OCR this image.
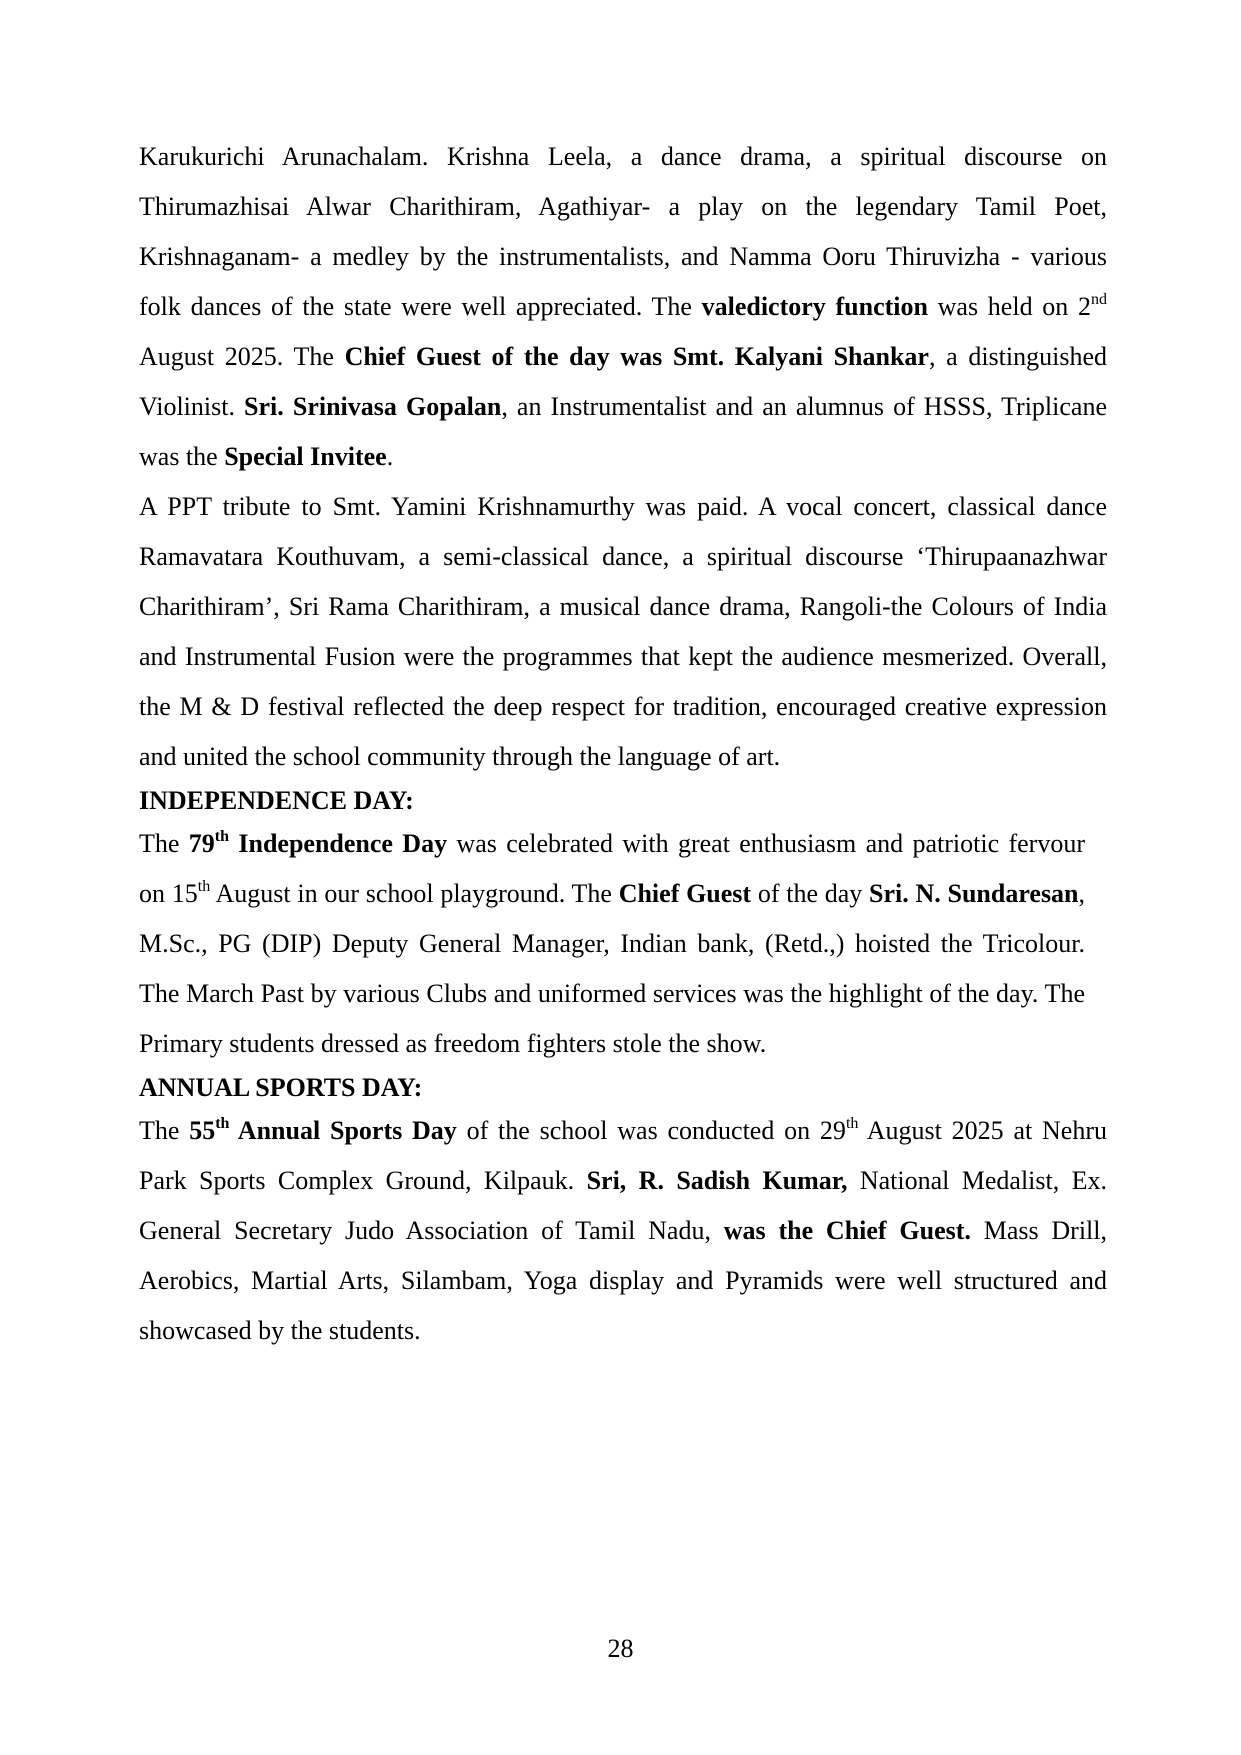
Karukurichi Arunachalam. Krishna Leela, a dance drama, a spiritual discourse on Thirumazhisai Alwar Charithiram, Agathiyar- a play on the legendary Tamil Poet, Krishnaganam- a medley by the instrumentalists, and Namma Ooru Thiruvizha - various folk dances of the state were well appreciated. The valedictory function was held on 2nd August 2025. The Chief Guest of the day was Smt. Kalyani Shankar, a distinguished Violinist. Sri. Srinivasa Gopalan, an Instrumentalist and an alumnus of HSSS, Triplicane was the Special Invitee.

A PPT tribute to Smt. Yamini Krishnamurthy was paid. A vocal concert, classical dance Ramavatara Kouthuvam, a semi-classical dance, a spiritual discourse ‘Thirupaanazhwar Charithiram’, Sri Rama Charithiram, a musical dance drama, Rangoli-the Colours of India and Instrumental Fusion were the programmes that kept the audience mesmerized. Overall, the M & D festival reflected the deep respect for tradition, encouraged creative expression and united the school community through the language of art.

INDEPENDENCE DAY:

The 79th Independence Day was celebrated with great enthusiasm and patriotic fervour on 15th August in our school playground. The Chief Guest of the day Sri. N. Sundaresan, M.Sc., PG (DIP) Deputy General Manager, Indian bank, (Retd.,) hoisted the Tricolour. The March Past by various Clubs and uniformed services was the highlight of the day. The Primary students dressed as freedom fighters stole the show.

ANNUAL SPORTS DAY:

The 55th Annual Sports Day of the school was conducted on 29th August 2025 at Nehru Park Sports Complex Ground, Kilpauk. Sri, R. Sadish Kumar, National Medalist, Ex. General Secretary Judo Association of Tamil Nadu, was the Chief Guest. Mass Drill, Aerobics, Martial Arts, Silambam, Yoga display and Pyramids were well structured and showcased by the students.

28
